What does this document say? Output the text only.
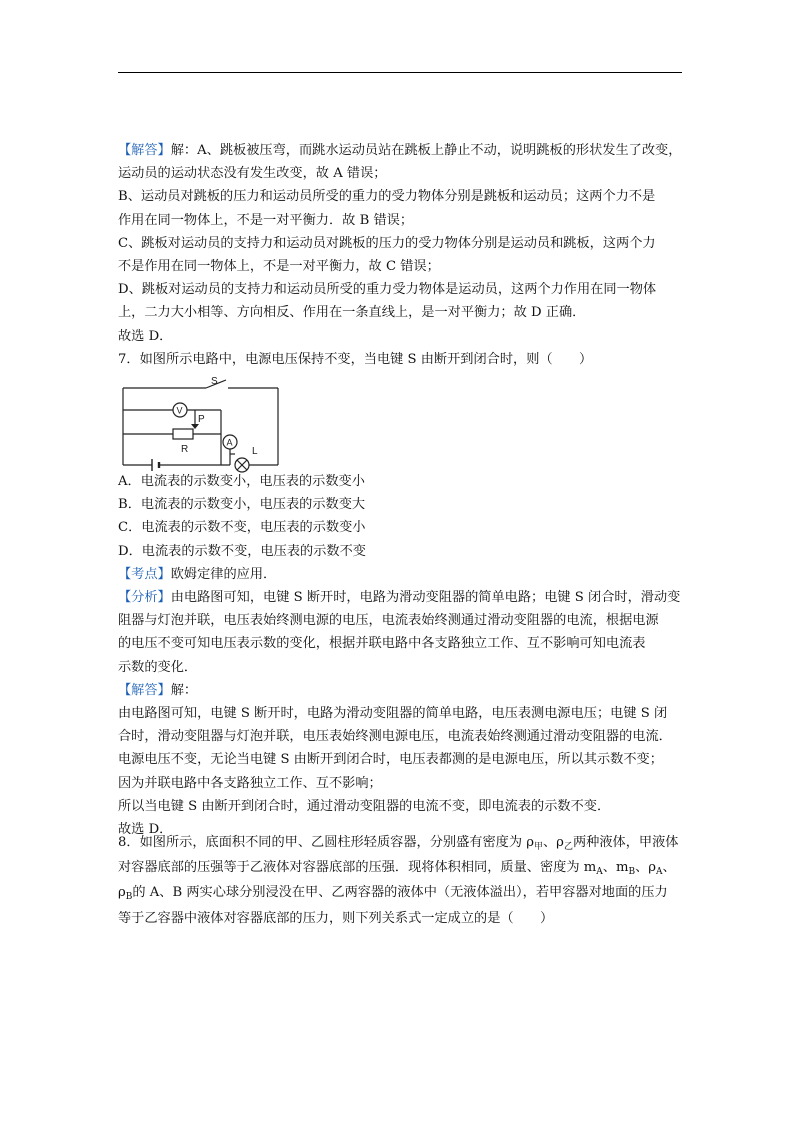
【解答】解：A、跳板被压弯，而跳水运动员站在跳板上静止不动，说明跳板的形状发生了改变，
运动员的运动状态没有发生改变，故 A 错误；
B、运动员对跳板的压力和运动员所受的重力的受力物体分别是跳板和运动员；这两个力不是
作用在同一物体上，不是一对平衡力．故 B 错误；
C、跳板对运动员的支持力和运动员对跳板的压力的受力物体分别是运动员和跳板，这两个力
不是作用在同一物体上，不是一对平衡力，故 C 错误；
D、跳板对运动员的支持力和运动员所受的重力受力物体是运动员，这两个力作用在同一物体
上，二力大小相等、方向相反、作用在一条直线上，是一对平衡力；故 D 正确．
故选 D．
7．如图所示电路中，电源电压保持不变，当电键 S 由断开到闭合时，则（　　）
S
V
P
R
A
L
A．电流表的示数变小，电压表的示数变小
B．电流表的示数变小，电压表的示数变大
C．电流表的示数不变，电压表的示数变小
D．电流表的示数不变，电压表的示数不变
【考点】欧姆定律的应用．
【分析】由电路图可知，电键 S 断开时，电路为滑动变阻器的简单电路；电键 S 闭合时，滑动变
阻器与灯泡并联，电压表始终测电源的电压，电流表始终测通过滑动变阻器的电流，根据电源
的电压不变可知电压表示数的变化，根据并联电路中各支路独立工作、互不影响可知电流表
示数的变化．
【解答】解：
由电路图可知，电键 S 断开时，电路为滑动变阻器的简单电路，电压表测电源电压；电键 S 闭
合时，滑动变阻器与灯泡并联，电压表始终测电源电压，电流表始终测通过滑动变阻器的电流．
电源电压不变，无论当电键 S 由断开到闭合时，电压表都测的是电源电压，所以其示数不变；
因为并联电路中各支路独立工作、互不影响；
所以当电键 S 由断开到闭合时，通过滑动变阻器的电流不变，即电流表的示数不变．
故选 D．
8．如图所示，底面积不同的甲、乙圆柱形轻质容器，分别盛有密度为 $\rho_甲$、$\rho_乙$两种液体，甲液体
对容器底部的压强等于乙液体对容器底部的压强．现将体积相同，质量、密度为 $m_A$、$m_B$、$\rho_A$、
$\rho_B$的 A、B 两实心球分别浸没在甲、乙两容器的液体中（无液体溢出），若甲容器对地面的压力
等于乙容器中液体对容器底部的压力，则下列关系式一定成立的是（　　）
